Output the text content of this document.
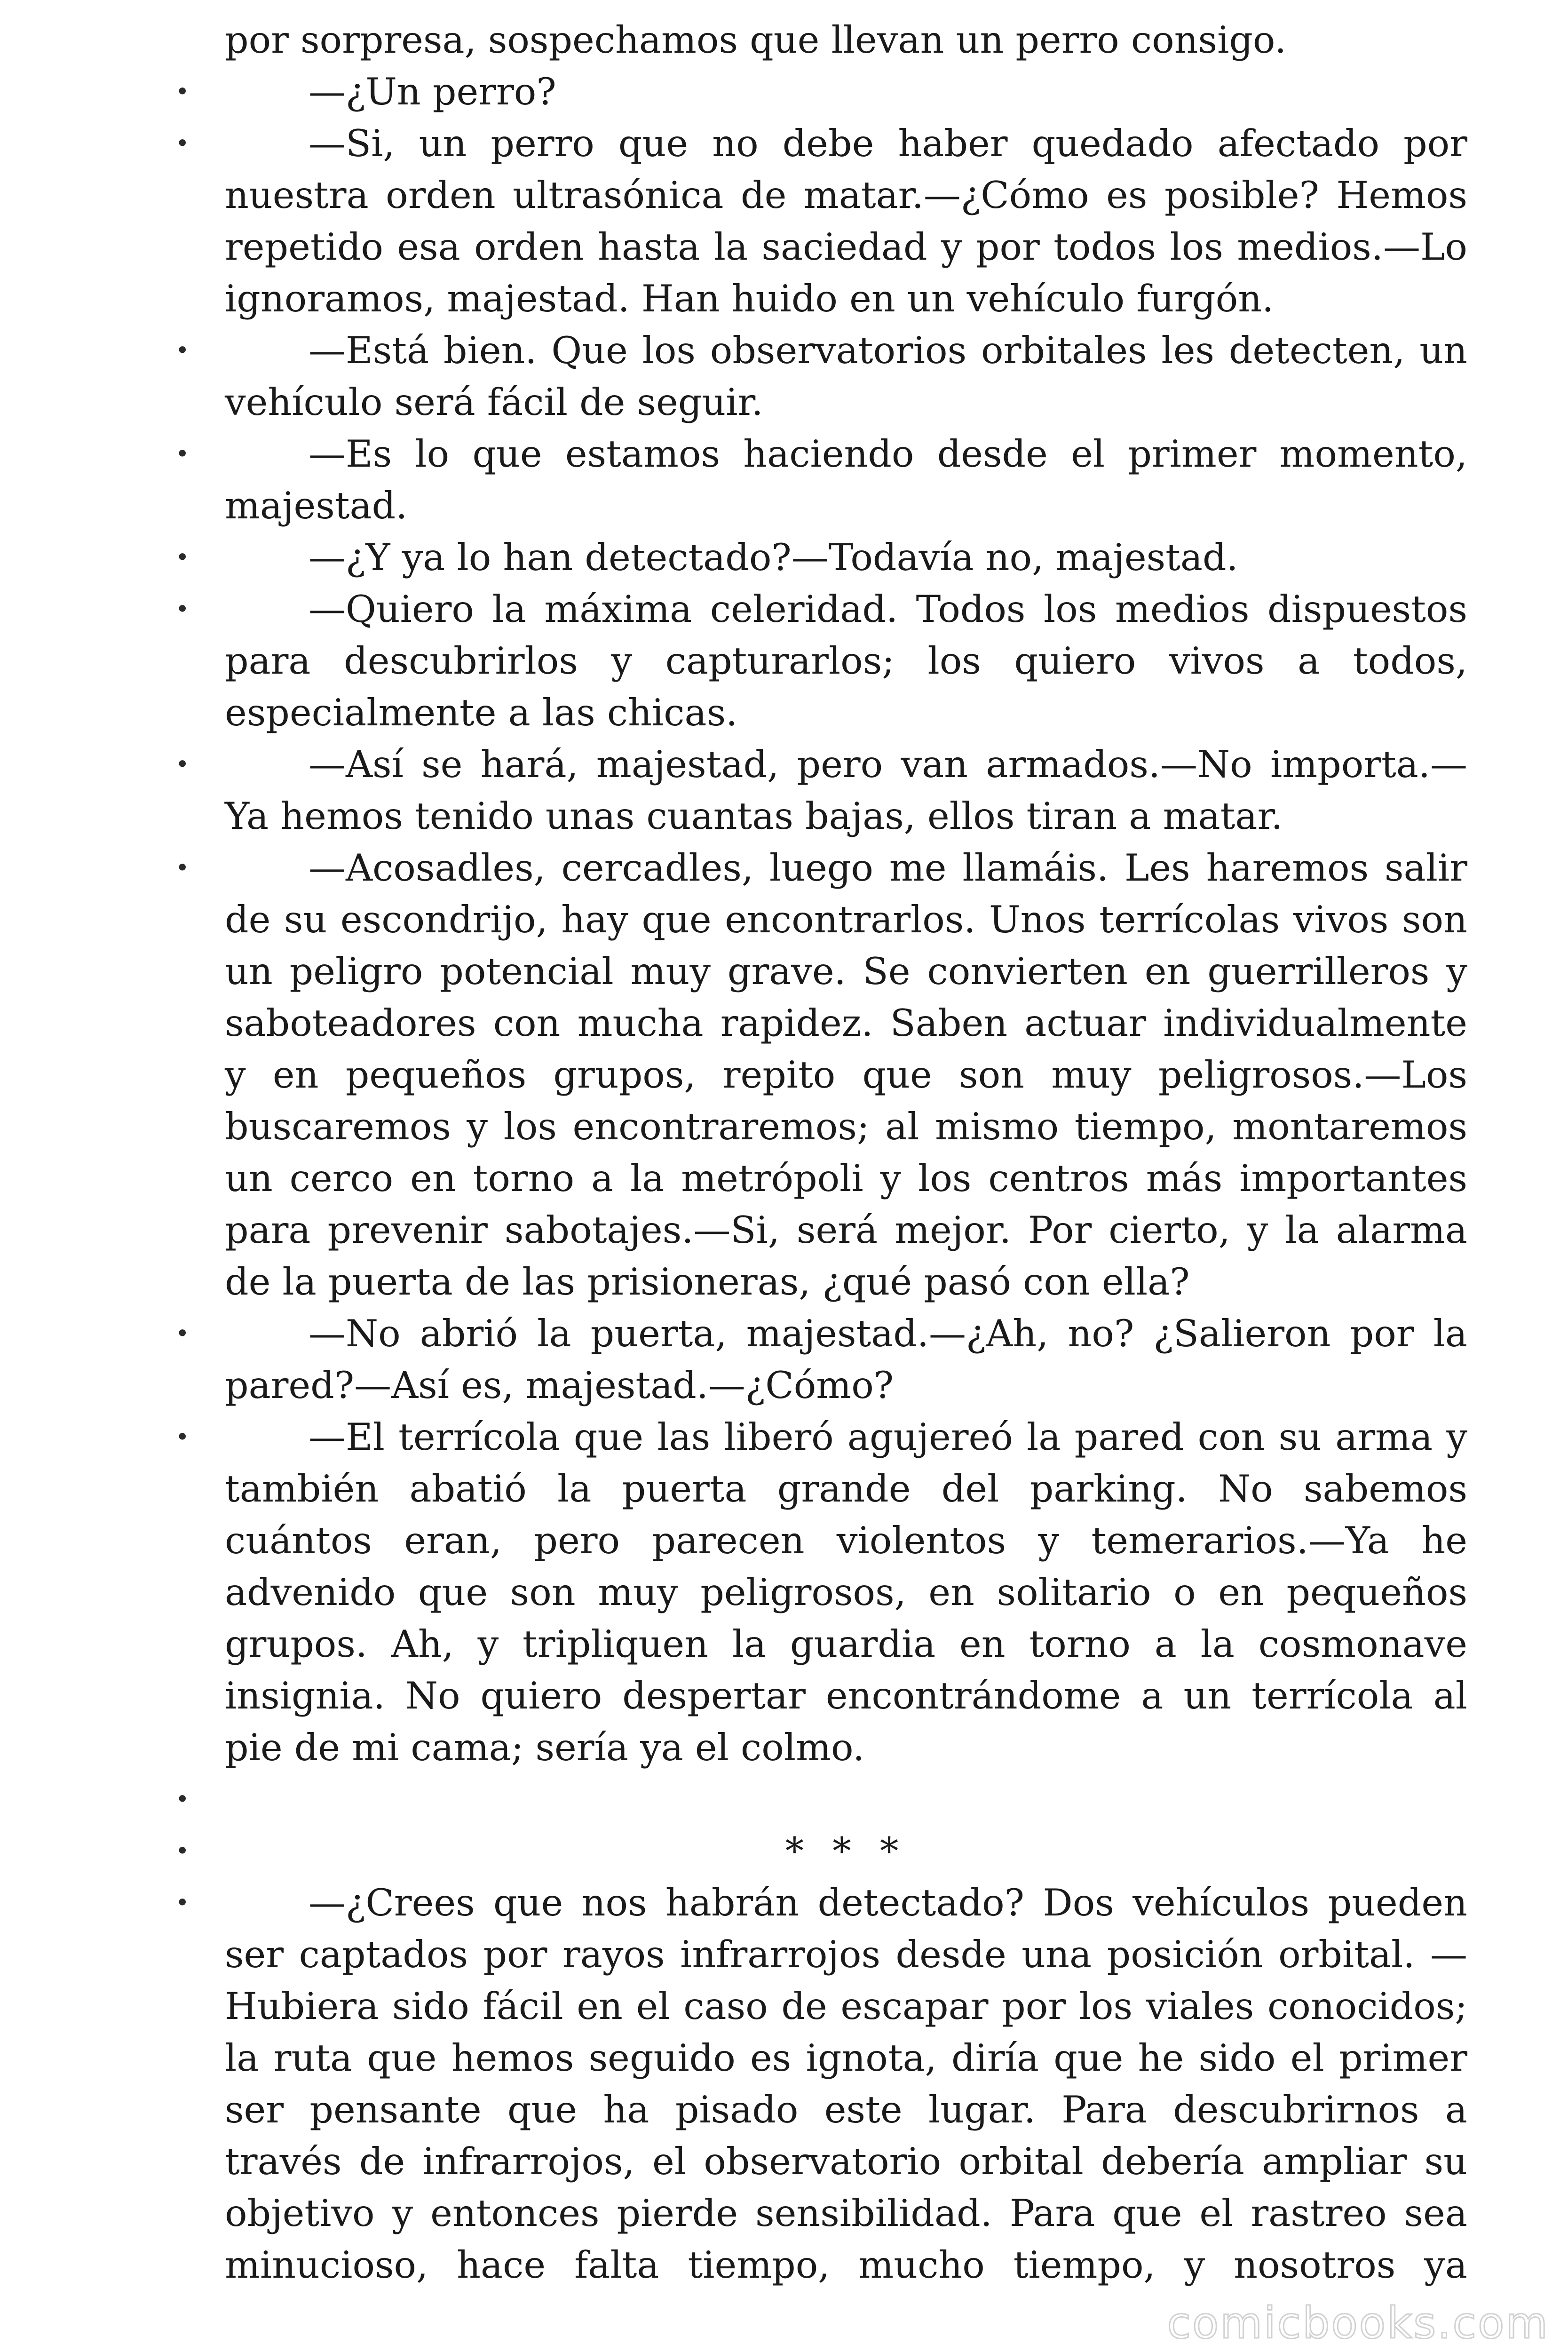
por sorpresa, sospechamos que llevan un perro consigo.

•	—¿Un perro?

•	—Si, un perro que no debe haber quedado afectado por nuestra orden ultrasónica de matar.—¿Cómo es posible? Hemos repetido esa orden hasta la saciedad y por todos los medios.—Lo ignoramos, majestad. Han huido en un vehículo furgón.

•	—Está bien. Que los observatorios orbitales les detecten, un vehículo será fácil de seguir.

•	—Es lo que estamos haciendo desde el primer momento, majestad.

•	—¿Y ya lo han detectado?—Todavía no, majestad.

•	—Quiero la máxima celeridad. Todos los medios dispuestos para descubrirlos y capturarlos; los quiero vivos a todos, especialmente a las chicas.

•	—Así se hará, majestad, pero van armados.—No importa.— Ya hemos tenido unas cuantas bajas, ellos tiran a matar.

•	—Acosadles, cercadles, luego me llamáis. Les haremos salir de su escondrijo, hay que encontrarlos. Unos terrícolas vivos son un peligro potencial muy grave. Se convierten en guerrilleros y saboteadores con mucha rapidez. Saben actuar individualmente y en pequeños grupos, repito que son muy peligrosos.—Los buscaremos y los encontraremos; al mismo tiempo, montaremos un cerco en torno a la metrópoli y los centros más importantes para prevenir sabotajes.—Si, será mejor. Por cierto, y la alarma de la puerta de las prisioneras, ¿qué pasó con ella?

•	—No abrió la puerta, majestad.—¿Ah, no? ¿Salieron por la pared?—Así es, majestad.—¿Cómo?

•	—El terrícola que las liberó agujereó la pared con su arma y también abatió la puerta grande del parking. No sabemos cuántos eran, pero parecen violentos y temerarios.—Ya he advenido que son muy peligrosos, en solitario o en pequeños grupos. Ah, y tripliquen la guardia en torno a la cosmonave insignia. No quiero despertar encontrándome a un terrícola al pie de mi cama; sería ya el colmo.

•
•	* * *

•	—¿Crees que nos habrán detectado? Dos vehículos pueden ser captados por rayos infrarrojos desde una posición orbital. —Hubiera sido fácil en el caso de escapar por los viales conocidos; la ruta que hemos seguido es ignota, diría que he sido el primer ser pensante que ha pisado este lugar. Para descubrirnos a través de infrarrojos, el observatorio orbital debería ampliar su objetivo y entonces pierde sensibilidad. Para que el rastreo sea minucioso, hace falta tiempo, mucho tiempo, y nosotros ya

comicbooks.com
